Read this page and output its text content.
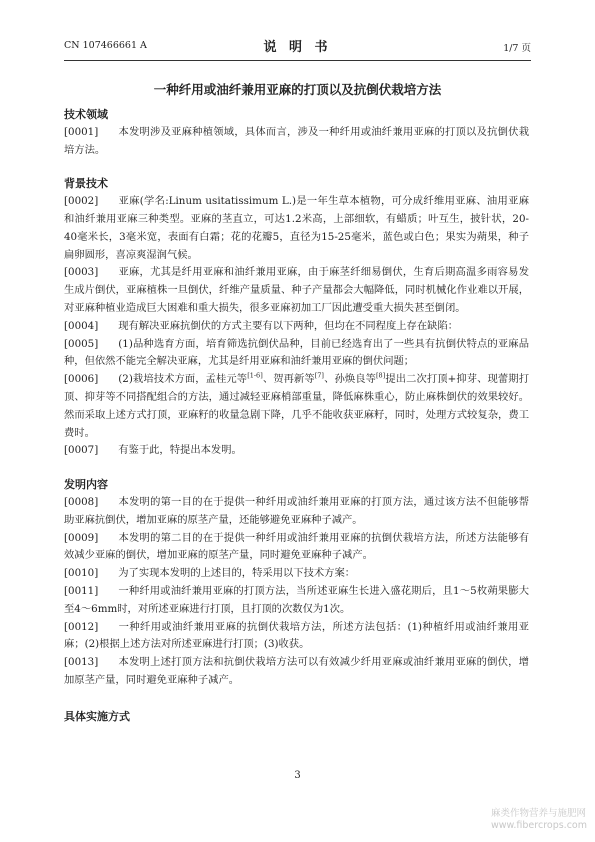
CN 107466661 A	说 明 书	1/7 页
一种纤用或油纤兼用亚麻的打顶以及抗倒伏栽培方法
技术领域

[0001] 本发明涉及亚麻种植领域，具体而言，涉及一种纤用或油纤兼用亚麻的打顶以及抗倒伏栽培方法。

背景技术

[0002] 亚麻(学名:Linum usitatissimum L.)是一年生草本植物，可分成纤维用亚麻、油用亚麻和油纤兼用亚麻三种类型。亚麻的茎直立，可达1.2米高，上部细软，有蜡质；叶互生，披针状，20-40毫米长，3毫米宽，表面有白霜；花的花瓣5，直径为15-25毫米，蓝色或白色；果实为蒴果，种子扁卵圆形，喜凉爽湿润气候。

[0003] 亚麻，尤其是纤用亚麻和油纤兼用亚麻，由于麻茎纤细易倒伏，生育后期高温多雨容易发生成片倒伏，亚麻植株一旦倒伏，纤维产量质量、种子产量都会大幅降低，同时机械化作业难以开展，对亚麻种植业造成巨大困难和重大损失，很多亚麻初加工厂因此遭受重大损失甚至倒闭。

[0004] 现有解决亚麻抗倒伏的方式主要有以下两种，但均在不同程度上存在缺陷：

[0005] (1)品种选育方面，培育筛选抗倒伏品种，目前已经选育出了一些具有抗倒伏特点的亚麻品种，但依然不能完全解决亚麻，尤其是纤用亚麻和油纤兼用亚麻的倒伏问题；

[0006] (2)栽培技术方面，孟桂元等[1-6]、贺再新等[7]、孙焕良等[8]提出二次打顶+抑芽、现蕾期打顶、抑芽等不同搭配组合的方法，通过减轻亚麻梢部重量，降低麻株重心，防止麻株倒伏的效果较好。然而采取上述方式打顶，亚麻籽的收量急剧下降，几乎不能收获亚麻籽，同时，处理方式较复杂，费工费时。

[0007] 有鉴于此，特提出本发明。

发明内容

[0008] 本发明的第一目的在于提供一种纤用或油纤兼用亚麻的打顶方法，通过该方法不但能够帮助亚麻抗倒伏，增加亚麻的原茎产量，还能够避免亚麻种子减产。

[0009] 本发明的第二目的在于提供一种纤用或油纤兼用亚麻的抗倒伏栽培方法，所述方法能够有效减少亚麻的倒伏，增加亚麻的原茎产量，同时避免亚麻种子减产。

[0010] 为了实现本发明的上述目的，特采用以下技术方案：

[0011] 一种纤用或油纤兼用亚麻的打顶方法，当所述亚麻生长进入盛花期后，且1～5枚蒴果膨大至4～6mm时，对所述亚麻进行打顶，且打顶的次数仅为1次。

[0012] 一种纤用或油纤兼用亚麻的抗倒伏栽培方法，所述方法包括：(1)种植纤用或油纤兼用亚麻；(2)根据上述方法对所述亚麻进行打顶；(3)收获。

[0013] 本发明上述打顶方法和抗倒伏栽培方法可以有效减少纤用亚麻或油纤兼用亚麻的倒伏，增加原茎产量，同时避免亚麻种子减产。

具体实施方式
3
麻类作物营养与施肥网
www.fibercrops.com
